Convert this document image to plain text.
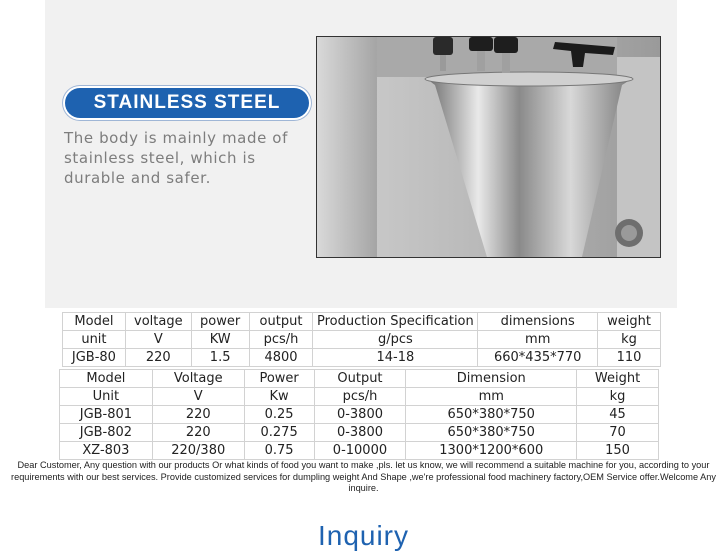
STAINLESS STEEL
The body is mainly made of stainless steel, which is durable and safer.
Model	voltage	power	output	Production Specification	dimensions	weight
unit	V	KW	pcs/h	g/pcs	mm	kg
JGB-80	220	1.5	4800	14-18	660*435*770	110
Model	Voltage	Power	Output	Dimension	Weight
Unit	V	Kw	pcs/h	mm	kg
JGB-801	220	0.25	0-3800	650*380*750	45
JGB-802	220	0.275	0-3800	650*380*750	70
XZ-803	220/380	0.75	0-10000	1300*1200*600	150
Dear Customer, Any question with our products Or what kinds of food you want to make ,pls. let us know, we will recommend a suitable machine for you, according to your requirements with our best services. Provide customized services for dumpling weight And Shape ,we're professional food machinery factory,OEM Service offer.Welcome Any inquire.
Inquiry
